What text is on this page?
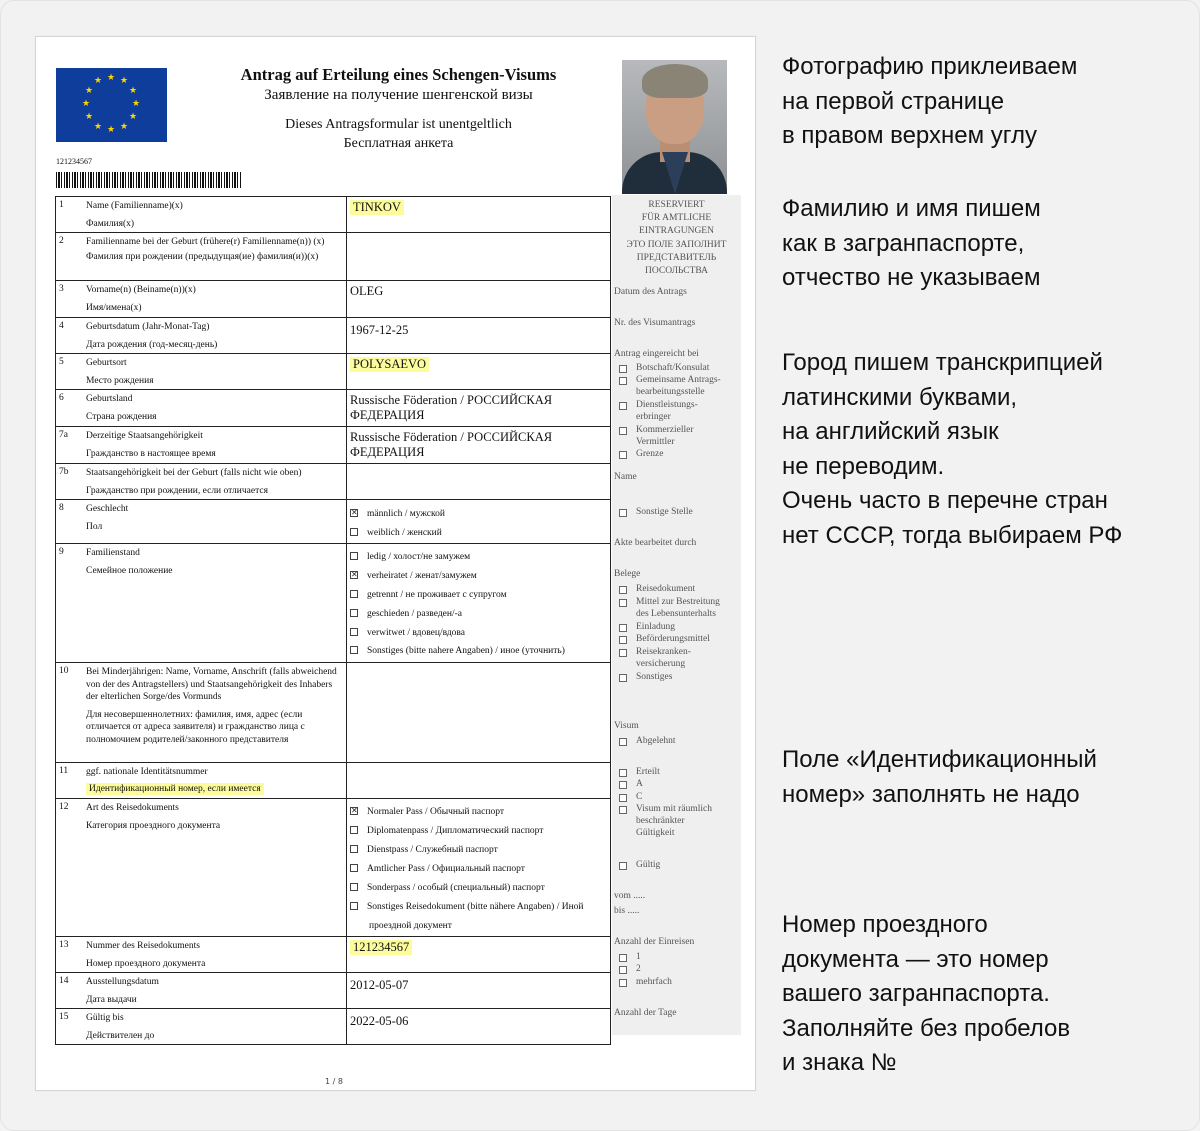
★ ★
★
★
★
★
★
★
★
★
★
★	Antrag auf Erteilung eines Schengen-Visums
Заявление на получение шенгенской визы
Dieses Antragsformular ist unentgeltlich
Бесплатная анкета
121234567
RESERVIERT
FÜR AMTLICHE
EINTRAGUNGEN
ЭТО ПОЛЕ ЗАПОЛНИТ
ПРЕДСТАВИТЕЛЬ
ПОСОЛЬСТВА
Datum des Antrags
Nr. des Visumantrags
Antrag eingereicht bei
Botschaft/Konsulat
Gemeinsame Antrags-
bearbeitungsstelle
Dienstleistungs-
erbringer
Kommerzieller
Vermittler
Grenze
Name
Sonstige Stelle
Akte bearbeitet durch
Belege
Reisedokument
Mittel zur Bestreitung
des Lebensunterhalts
Einladung
Beförderungsmittel
Reisekranken-
versicherung
Sonstiges
Visum
Abgelehnt
Erteilt
A
C
Visum mit räumlich
beschränkter
Gültigkeit
Gültig
vom .....
bis .....
Anzahl der Einreisen
1
2
mehrfach
Anzahl der Tage
1 Name (Familienname)(x)
Фамилия(x)
TINKOV
2 Familienname bei der Geburt (frühere(r) Familienname(n)) (x)
Фамилия при рождении (предыдущая(ие) фамилия(и))(x)
3 Vorname(n) (Beiname(n))(x)
Имя/имена(x)
OLEG
4 Geburtsdatum (Jahr-Monat-Tag)
Дата рождения (год-месяц-день)
1967-12-25
5 Geburtsort
Место рождения
POLYSAEVO
6 Geburtsland
Страна рождения
Russische Föderation / РОССИЙСКАЯ
ФЕДЕРАЦИЯ
7a Derzeitige Staatsangehörigkeit
Гражданство в настоящее время
Russische Föderation / РОССИЙСКАЯ
ФЕДЕРАЦИЯ
7b Staatsangehörigkeit bei der Geburt (falls nicht wie oben)
Гражданство при рождении, если отличается
8 Geschlecht
Пол
✕männlich / мужской
weiblich / женский
9 Familienstand
Семейное положение
ledig / холост/не замужем
✕verheiratet / женат/замужем
getrennt / не проживает с супругом
geschieden / разведен/-а
verwitwet / вдовец/вдова
Sonstiges (bitte nahere Angaben) / иное (уточнить)
10 Bei Minderjährigen: Name, Vorname, Anschrift (falls abweichend von der des Antragstellers) und Staatsangehörigkeit des Inhabers der elterlichen Sorge/des Vormunds
Для несовершеннолетних: фамилия, имя, адрес (если отличается от адреса заявителя) и гражданство лица с полномочием родителей/законного представителя
11 ggf. nationale Identitätsnummer
Идентификационный номер, если имеется
12 Art des Reisedokuments
Категория проездного документа
✕Normaler Pass / Обычный паспорт
Diplomatenpass / Дипломатический паспорт
Dienstpass / Служебный паспорт
Amtlicher Pass / Официальный паспорт
Sonderpass / особый (специальный) паспорт
Sonstiges Reisedokument (bitte nähere Angaben) / Иной
проездной документ
13 Nummer des Reisedokuments
Номер проездного документа
121234567
14 Ausstellungsdatum
Дата выдачи
2012-05-07
15 Gültig bis
Действителен до
2022-05-06
1 / 8
Фотографию приклеиваем
на первой странице
в правом верхнем углу
Фамилию и имя пишем
как в загранпаспорте,
отчество не указываем
Город пишем транскрипцией
латинскими буквами,
на английский язык
не переводим.
Очень часто в перечне стран
нет СССР, тогда выбираем РФ
Поле «Идентификационный
номер» заполнять не надо
Номер проездного
документа — это номер
вашего загранпаспорта.
Заполняйте без пробелов
и знака №
